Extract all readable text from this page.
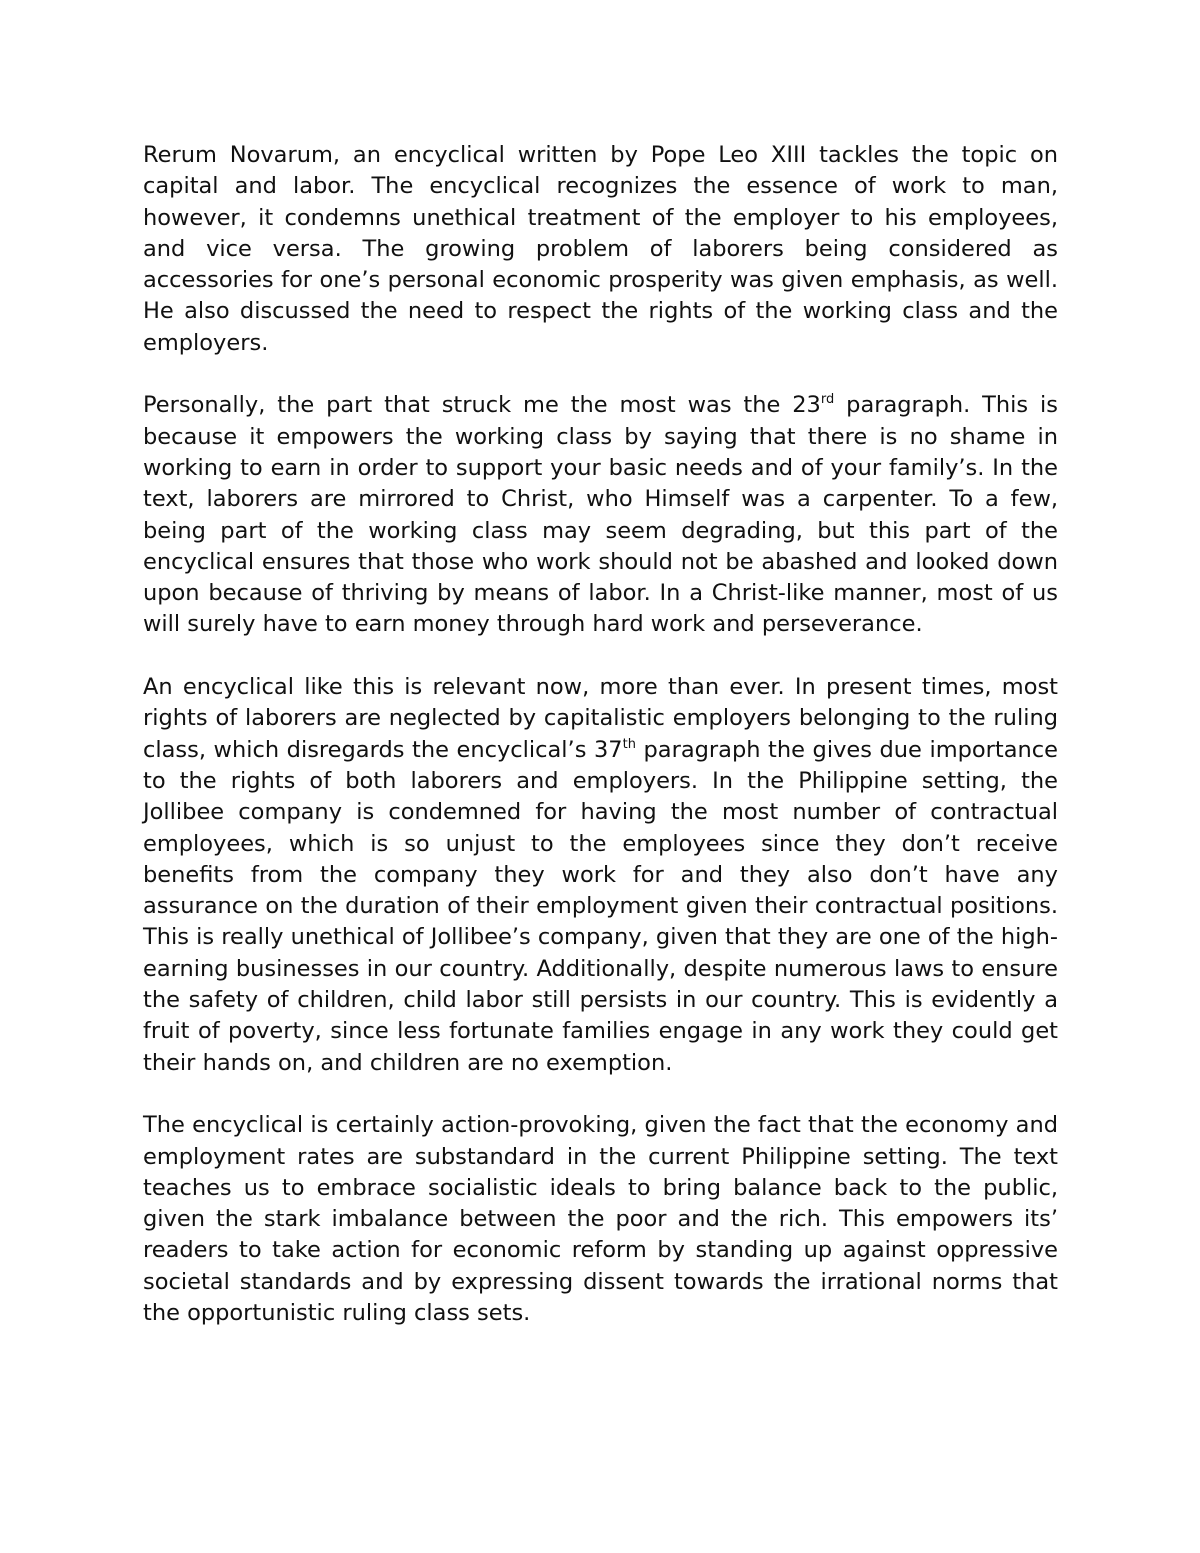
Rerum Novarum, an encyclical written by Pope Leo XIII tackles the topic on capital and labor. The encyclical recognizes the essence of work to man, however, it condemns unethical treatment of the employer to his employees, and vice versa. The growing problem of laborers being considered as accessories for one’s personal economic prosperity was given emphasis, as well. He also discussed the need to respect the rights of the working class and the employers.

Personally, the part that struck me the most was the 23rd paragraph. This is because it empowers the working class by saying that there is no shame in working to earn in order to support your basic needs and of your family’s. In the text, laborers are mirrored to Christ, who Himself was a carpenter. To a few, being part of the working class may seem degrading, but this part of the encyclical ensures that those who work should not be abashed and looked down upon because of thriving by means of labor. In a Christ-like manner, most of us will surely have to earn money through hard work and perseverance.

An encyclical like this is relevant now, more than ever. In present times, most rights of laborers are neglected by capitalistic employers belonging to the ruling class, which disregards the encyclical’s 37th paragraph the gives due importance to the rights of both laborers and employers. In the Philippine setting, the Jollibee company is condemned for having the most number of contractual employees, which is so unjust to the employees since they don’t receive benefits from the company they work for and they also don’t have any assurance on the duration of their employment given their contractual positions. This is really unethical of Jollibee’s company, given that they are one of the high-earning businesses in our country. Additionally, despite numerous laws to ensure the safety of children, child labor still persists in our country. This is evidently a fruit of poverty, since less fortunate families engage in any work they could get their hands on, and children are no exemption.

The encyclical is certainly action-provoking, given the fact that the economy and employment rates are substandard in the current Philippine setting. The text teaches us to embrace socialistic ideals to bring balance back to the public, given the stark imbalance between the poor and the rich. This empowers its’ readers to take action for economic reform by standing up against oppressive societal standards and by expressing dissent towards the irrational norms that the opportunistic ruling class sets.
